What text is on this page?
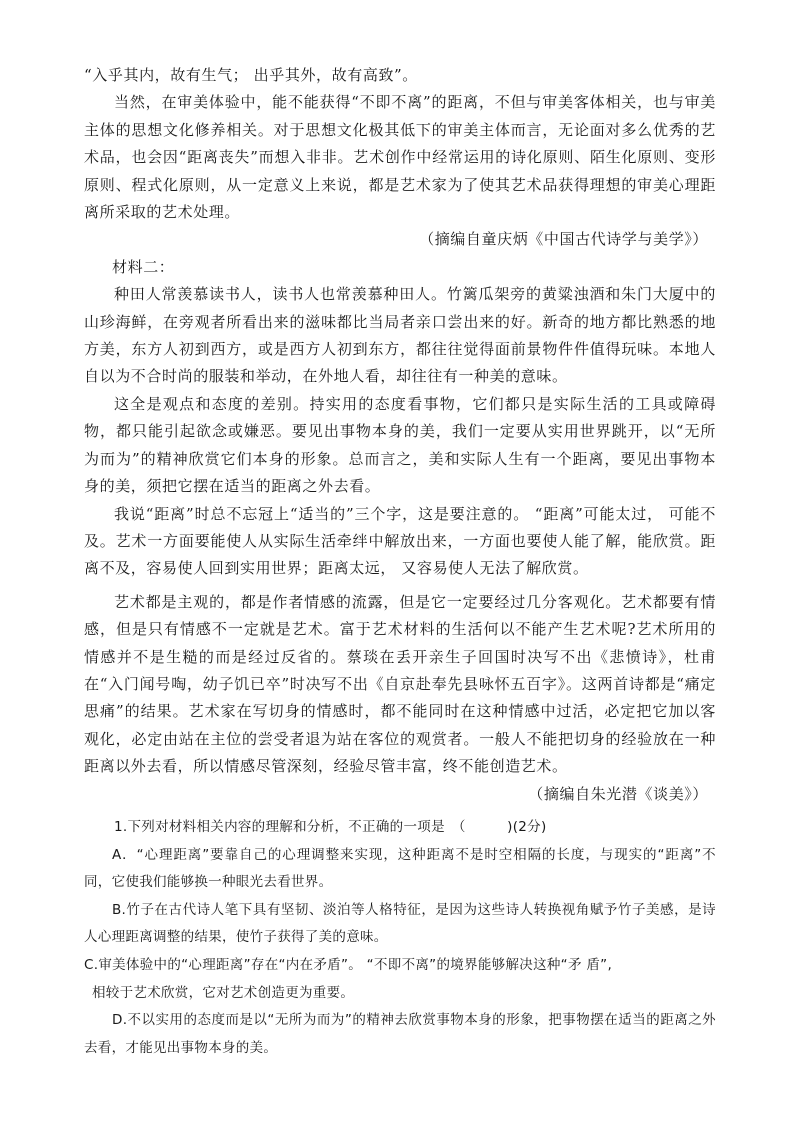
“入乎其内，故有生气； 出乎其外，故有高致”。

当然，在审美体验中，能不能获得“不即不离”的距离，不但与审美客体相关，也与审美主体的思想文化修养相关。对于思想文化极其低下的审美主体而言，无论面对多么优秀的艺术品，也会因“距离丧失”而想入非非。艺术创作中经常运用的诗化原则、陌生化原则、变形原则、程式化原则，从一定意义上来说，都是艺术家为了使其艺术品获得理想的审美心理距离所采取的艺术处理。

（摘编自童庆炳《中国古代诗学与美学》）

材料二：

种田人常羡慕读书人，读书人也常羡慕种田人。竹篱瓜架旁的黄粱浊酒和朱门大厦中的山珍海鲜，在旁观者所看出来的滋味都比当局者亲口尝出来的好。新奇的地方都比熟悉的地方美，东方人初到西方，或是西方人初到东方，都往往觉得面前景物件件值得玩味。本地人自以为不合时尚的服装和举动，在外地人看，却往往有一种美的意味。

这全是观点和态度的差别。持实用的态度看事物，它们都只是实际生活的工具或障碍物，都只能引起欲念或嫌恶。要见出事物本身的美，我们一定要从实用世界跳开，以“无所为而为”的精神欣赏它们本身的形象。总而言之，美和实际人生有一个距离，要见出事物本身的美，须把它摆在适当的距离之外去看。

我说“距离”时总不忘冠上“适当的”三个字，这是要注意的。 “距离”可能太过， 可能不及。艺术一方面要能使人从实际生活牵绊中解放出来，一方面也要使人能了解，能欣赏。距离不及，容易使人回到实用世界；距离太远， 又容易使人无法了解欣赏。

艺术都是主观的，都是作者情感的流露，但是它一定要经过几分客观化。艺术都要有情感，但是只有情感不一定就是艺术。富于艺术材料的生活何以不能产生艺术呢?艺术所用的情感并不是生糙的而是经过反省的。蔡琰在丢开亲生子回国时决写不出《悲愤诗》，杜甫在“入门闻号啕，幼子饥已卒”时决写不出《自京赴奉先县咏怀五百字》。这两首诗都是“痛定思痛”的结果。艺术家在写切身的情感时，都不能同时在这种情感中过活，必定把它加以客观化，必定由站在主位的尝受者退为站在客位的观赏者。一般人不能把切身的经验放在一种距离以外去看，所以情感尽管深刻，经验尽管丰富，终不能创造艺术。

（摘编自朱光潜《谈美》）

1.下列对材料相关内容的理解和分析，不正确的一项是　（　　　)(2分)

A．“心理距离”要靠自己的心理调整来实现，这种距离不是时空相隔的长度，与现实的“距离”不同，它使我们能够换一种眼光去看世界。

B.竹子在古代诗人笔下具有坚韧、淡泊等人格特征，是因为这些诗人转换视角赋予竹子美感，是诗人心理距离调整的结果，使竹子获得了美的意味。

C.审美体验中的“心理距离”存在“内在矛盾”。 “不即不离”的境界能够解决这种“矛 盾”,

相较于艺术欣赏，它对艺术创造更为重要。

D.不以实用的态度而是以“无所为而为”的精神去欣赏事物本身的形象，把事物摆在适当的距离之外去看，才能见出事物本身的美。
